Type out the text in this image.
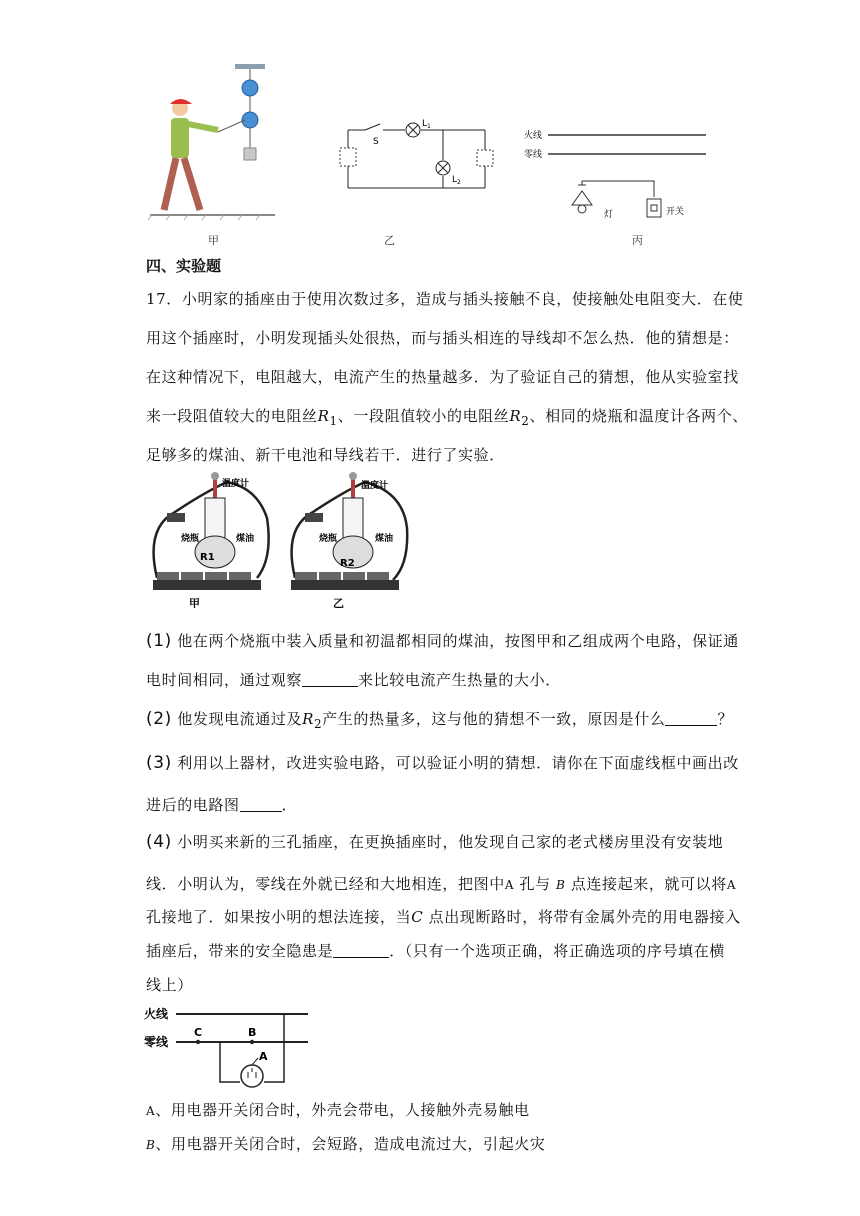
甲
S
L 1
L 2
乙
火线
零线
灯	开关
丙
四、实验题
17．小明家的插座由于使用次数过多，造成与插头接触不良，使接触处电阻变大．在使
用这个插座时，小明发现插头处很热，而与插头相连的导线却不怎么热．他的猜想是：
在这种情况下，电阻越大，电流产生的热量越多．为了验证自己的猜想，他从实验室找
来一段阻值较大的电阻丝$R_1$、一段阻值较小的电阻丝$R_2$、相同的烧瓶和温度计各两个、
足够多的煤油、新干电池和导线若干．进行了实验．
温度计	温度计
烧瓶	烧瓶
煤油	煤油
R1
R2
甲	乙
(1) 他在两个烧瓶中装入质量和初温都相同的煤油，按图甲和乙组成两个电路，保证通
电时间相同，通过观察	来比较电流产生热量的大小．
(2) 他发现电流通过及$R_2$产生的热量多，这与他的猜想不一致，原因是什么	？
(3) 利用以上器材，改进实验电路，可以验证小明的猜想．请你在下面虚线框中画出改
进后的电路图	．
(4) 小明买来新的三孔插座，在更换插座时，他发现自己家的老式楼房里没有安装地
线．小明认为，零线在外就已经和大地相连，把图中A 孔与 B 点连接起来，就可以将A
孔接地了．如果按小明的想法连接，当C 点出现断路时，将带有金属外壳的用电器接入
插座后，带来的安全隐患是	．（只有一个选项正确，将正确选项的序号填在横
线上）
火线
零线
C	B
A
A、用电器开关闭合时，外壳会带电，人接触外壳易触电
B、用电器开关闭合时，会短路，造成电流过大，引起火灾
